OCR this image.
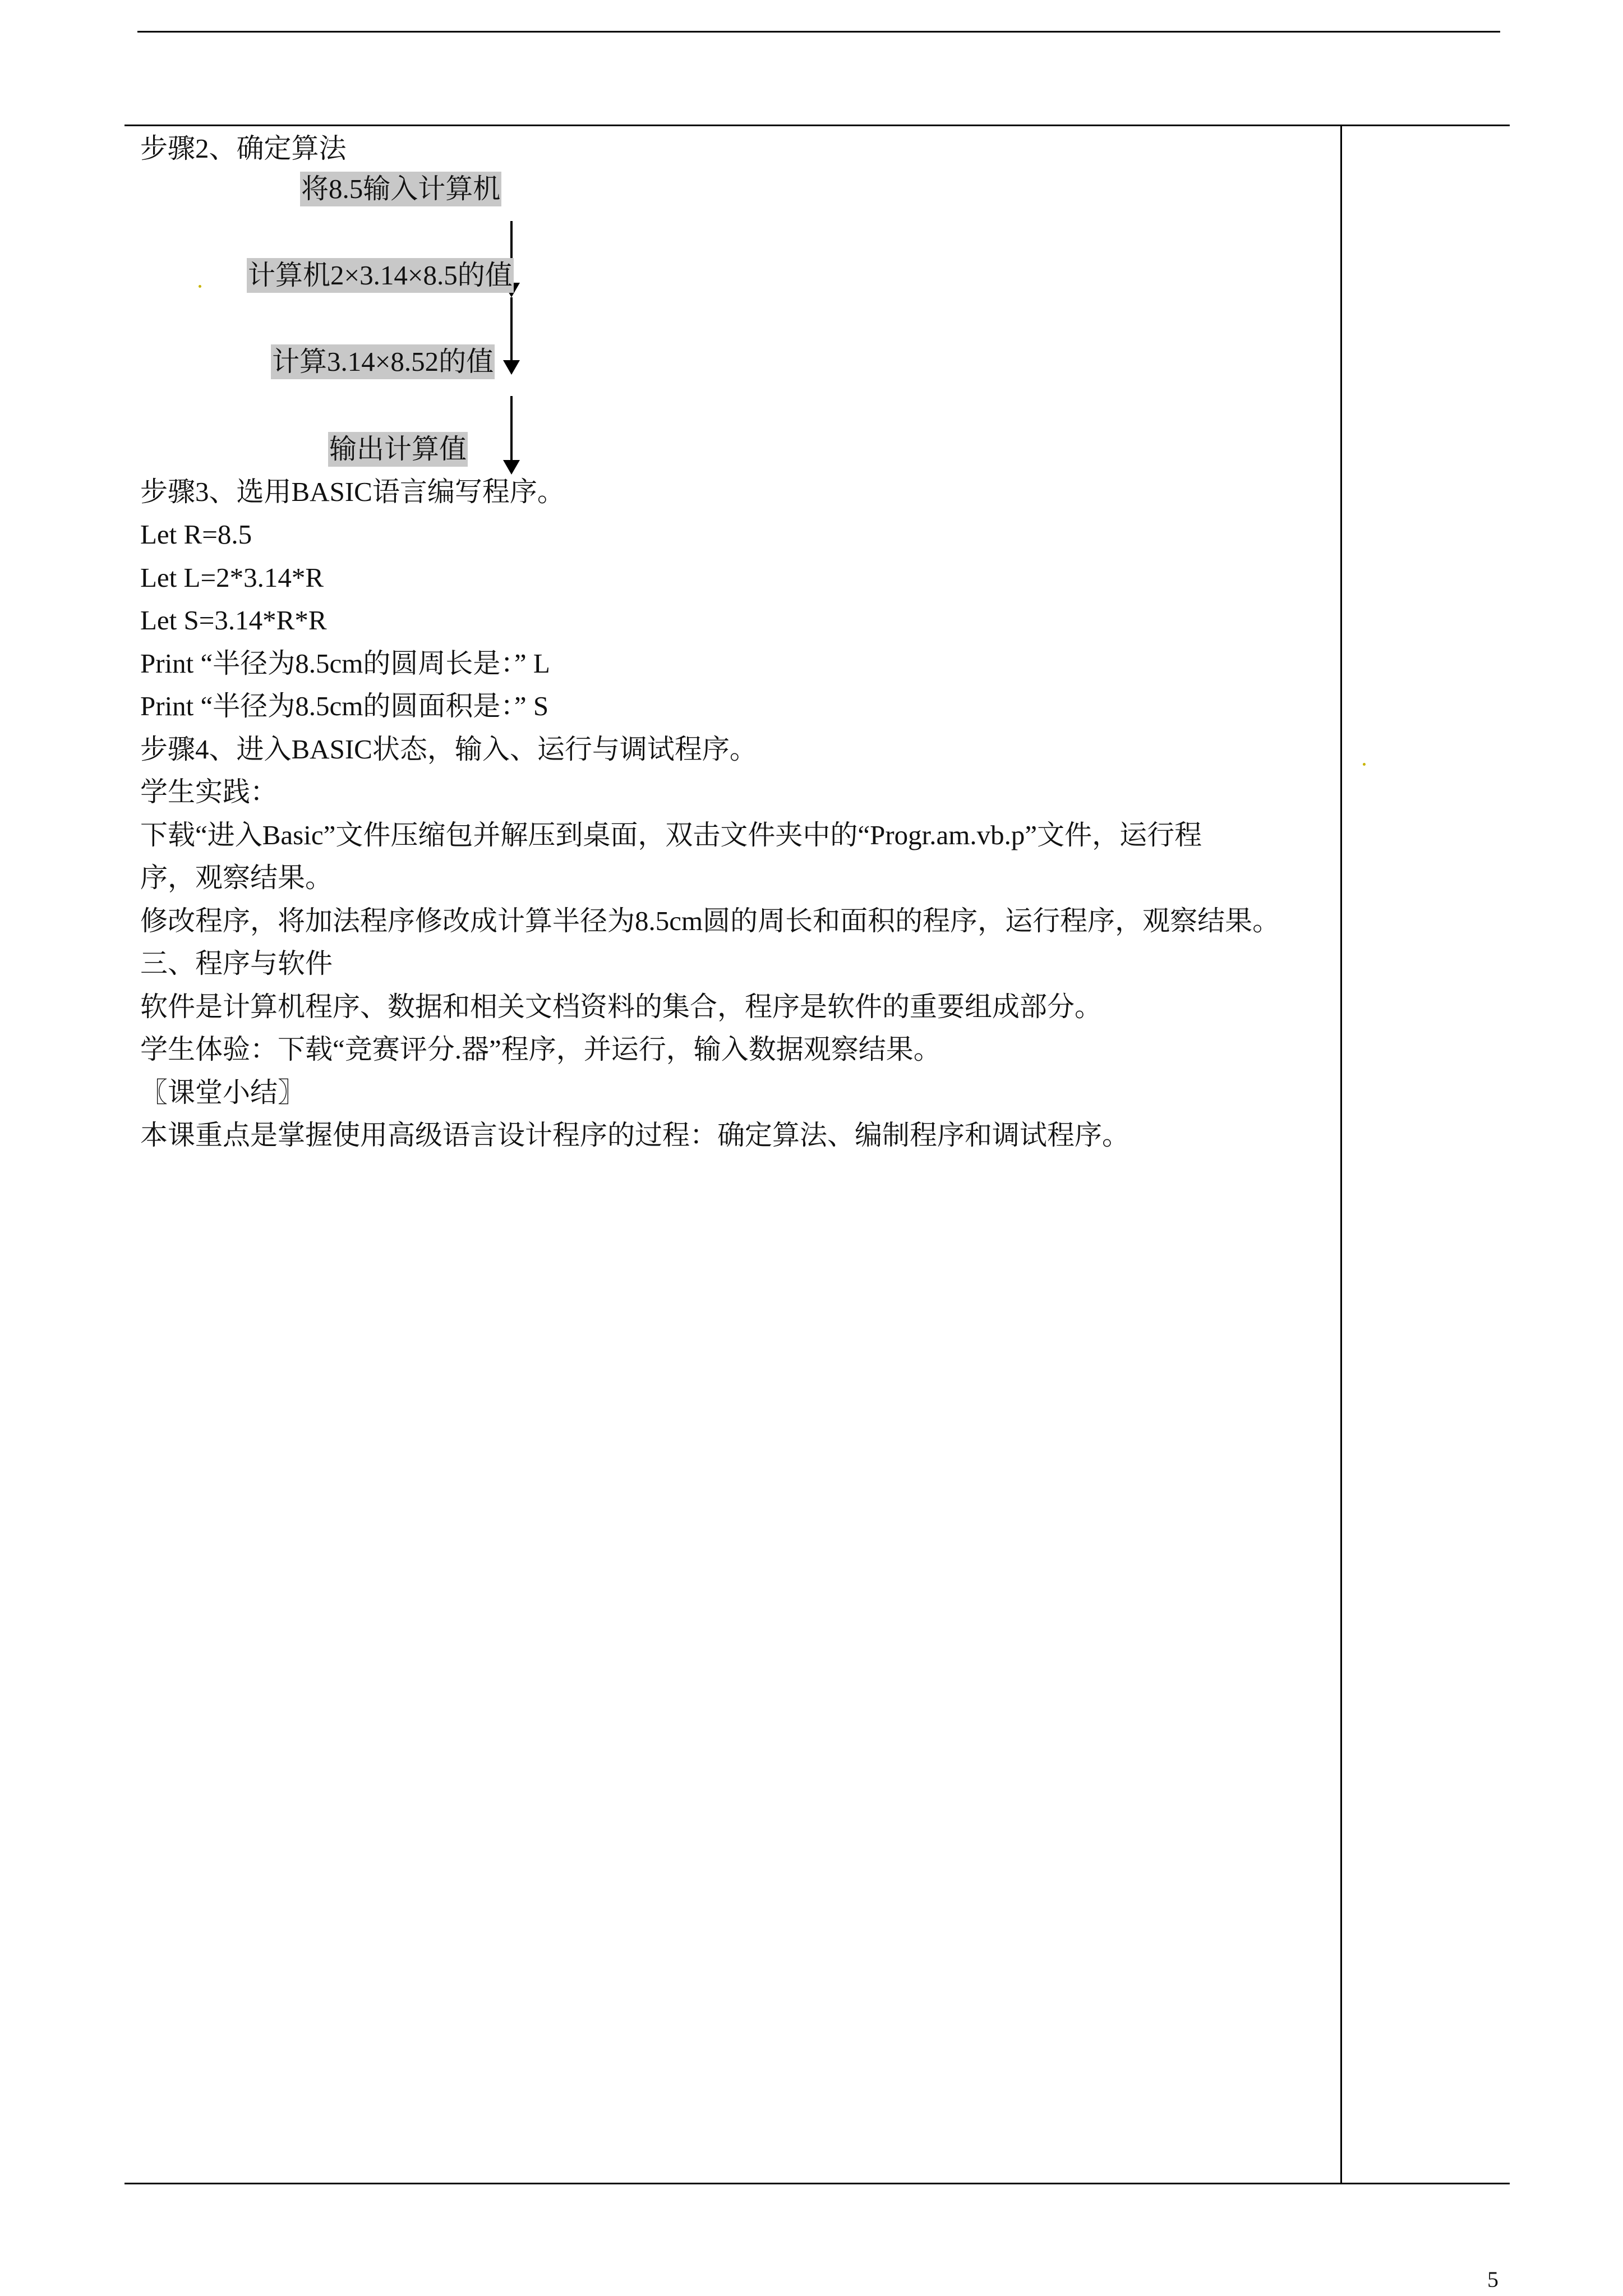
步骤2、确定算法
将8.5输入计算机
计算机2×3.14×8.5的值
计算3.14×8.52的值
输出计算值
步骤3、选用BASIC语言编写程序。
Let R=8.5
Let L=2*3.14*R
Let S=3.14*R*R
Print “半径为8.5cm的圆周长是：” L
Print “半径为8.5cm的圆面积是：” S
步骤4、进入BASIC状态，输入、运行与调试程序。
学生实践：
下载“进入Basic”文件压缩包并解压到桌面，双击文件夹中的“Progr.am.vb.p”文件，运行程
序，观察结果。
修改程序，将加法程序修改成计算半径为8.5cm圆的周长和面积的程序，运行程序，观察结果。
三、程序与软件
软件是计算机程序、数据和相关文档资料的集合，程序是软件的重要组成部分。
学生体验：下载“竞赛评分.器”程序，并运行，输入数据观察结果。
〖课堂小结〗
本课重点是掌握使用高级语言设计程序的过程：确定算法、编制程序和调试程序。
5
